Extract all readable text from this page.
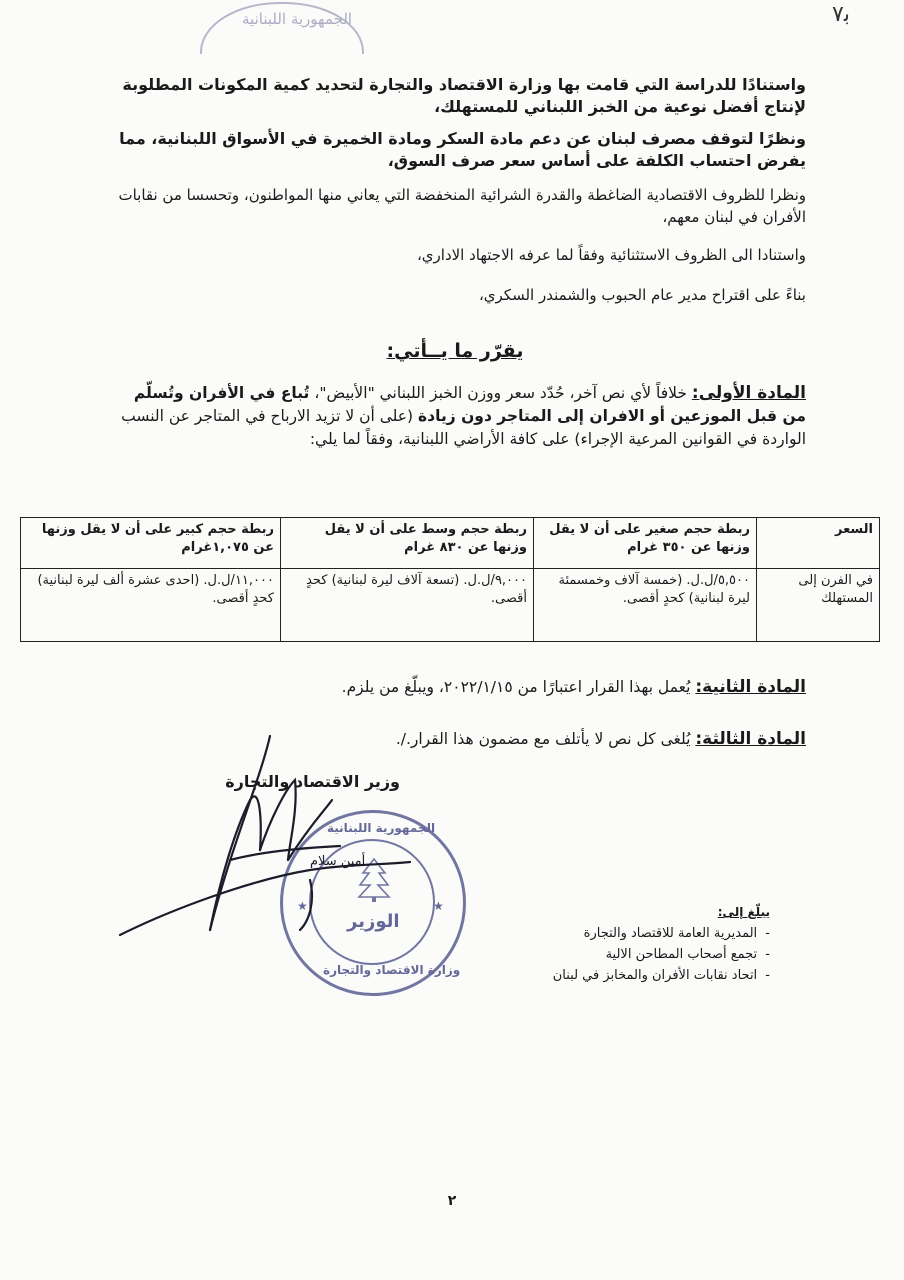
الجمهورية اللبنانية	ﺑ٧
واستنادًا للدراسة التي قامت بها وزارة الاقتصاد والتجارة لتحديد كمية المكونات المطلوبة لإنتاج أفضل نوعية من الخبز اللبناني للمستهلك،
ونظرًا لتوقف مصرف لبنان عن دعم مادة السكر ومادة الخميرة في الأسواق اللبنانية، مما يفرض احتساب الكلفة على أساس سعر صرف السوق،
ونظرا للظروف الاقتصادية الضاغطة والقدرة الشرائية المنخفضة التي يعاني منها المواطنون، وتحسسا من نقابات الأفران في لبنان معهم،
واستنادا الى الظروف الاستثنائية وفقاً لما عرفه الاجتهاد الاداري،
بناءً على اقتراح مدير عام الحبوب والشمندر السكري،
يقرّر ما يــأتي:
المادة الأولى: خلافاً لأي نص آخر، حُدّد سعر ووزن الخبز اللبناني "الأبيض"، تُباع في الأفران وتُسلّم من قبل الموزعين أو الافران إلى المتاجر دون زيادة (على أن لا تزيد الارباح في المتاجر عن النسب الواردة في القوانين المرعية الإجراء) على كافة الأراضي اللبنانية، وفقاً لما يلي:
السعر	ربطة حجم صغير على أن لا يقل وزنها عن ٣٥٠ غرام	ربطة حجم وسط على أن لا يقل وزنها عن ٨٣٠ غرام	ربطة حجم كبير على أن لا يقل وزنها عن ١,٠٧٥غرام
في الفرن إلى المستهلك	٥,٥٠٠/ل.ل. (خمسة آلاف وخمسمئة ليرة لبنانية) كحدٍ أقصى.	٩,٠٠٠/ل.ل. (تسعة آلاف ليرة لبنانية) كحدٍ أقصى.	١١,٠٠٠/ل.ل. (احدى عشرة ألف ليرة لبنانية) كحدٍ أقصى.
المادة الثانية: يُعمل بهذا القرار اعتبارًا من ٢٠٢٢/١/١٥، ويبلّغ من يلزم.
المادة الثالثة: يُلغى كل نص لا يأتلف مع مضمون هذا القرار./.
وزير الاقتصاد والتجارة
الجمهورية اللبنانية
الوزير
وزارة الاقتصاد والتجارة
★	★
أمين سلام
يبلّغ إلى:
- المديرية العامة للاقتصاد والتجارة
- تجمع أصحاب المطاحن الالية
- اتحاد نقابات الأفران والمخابز في لبنان
٢
